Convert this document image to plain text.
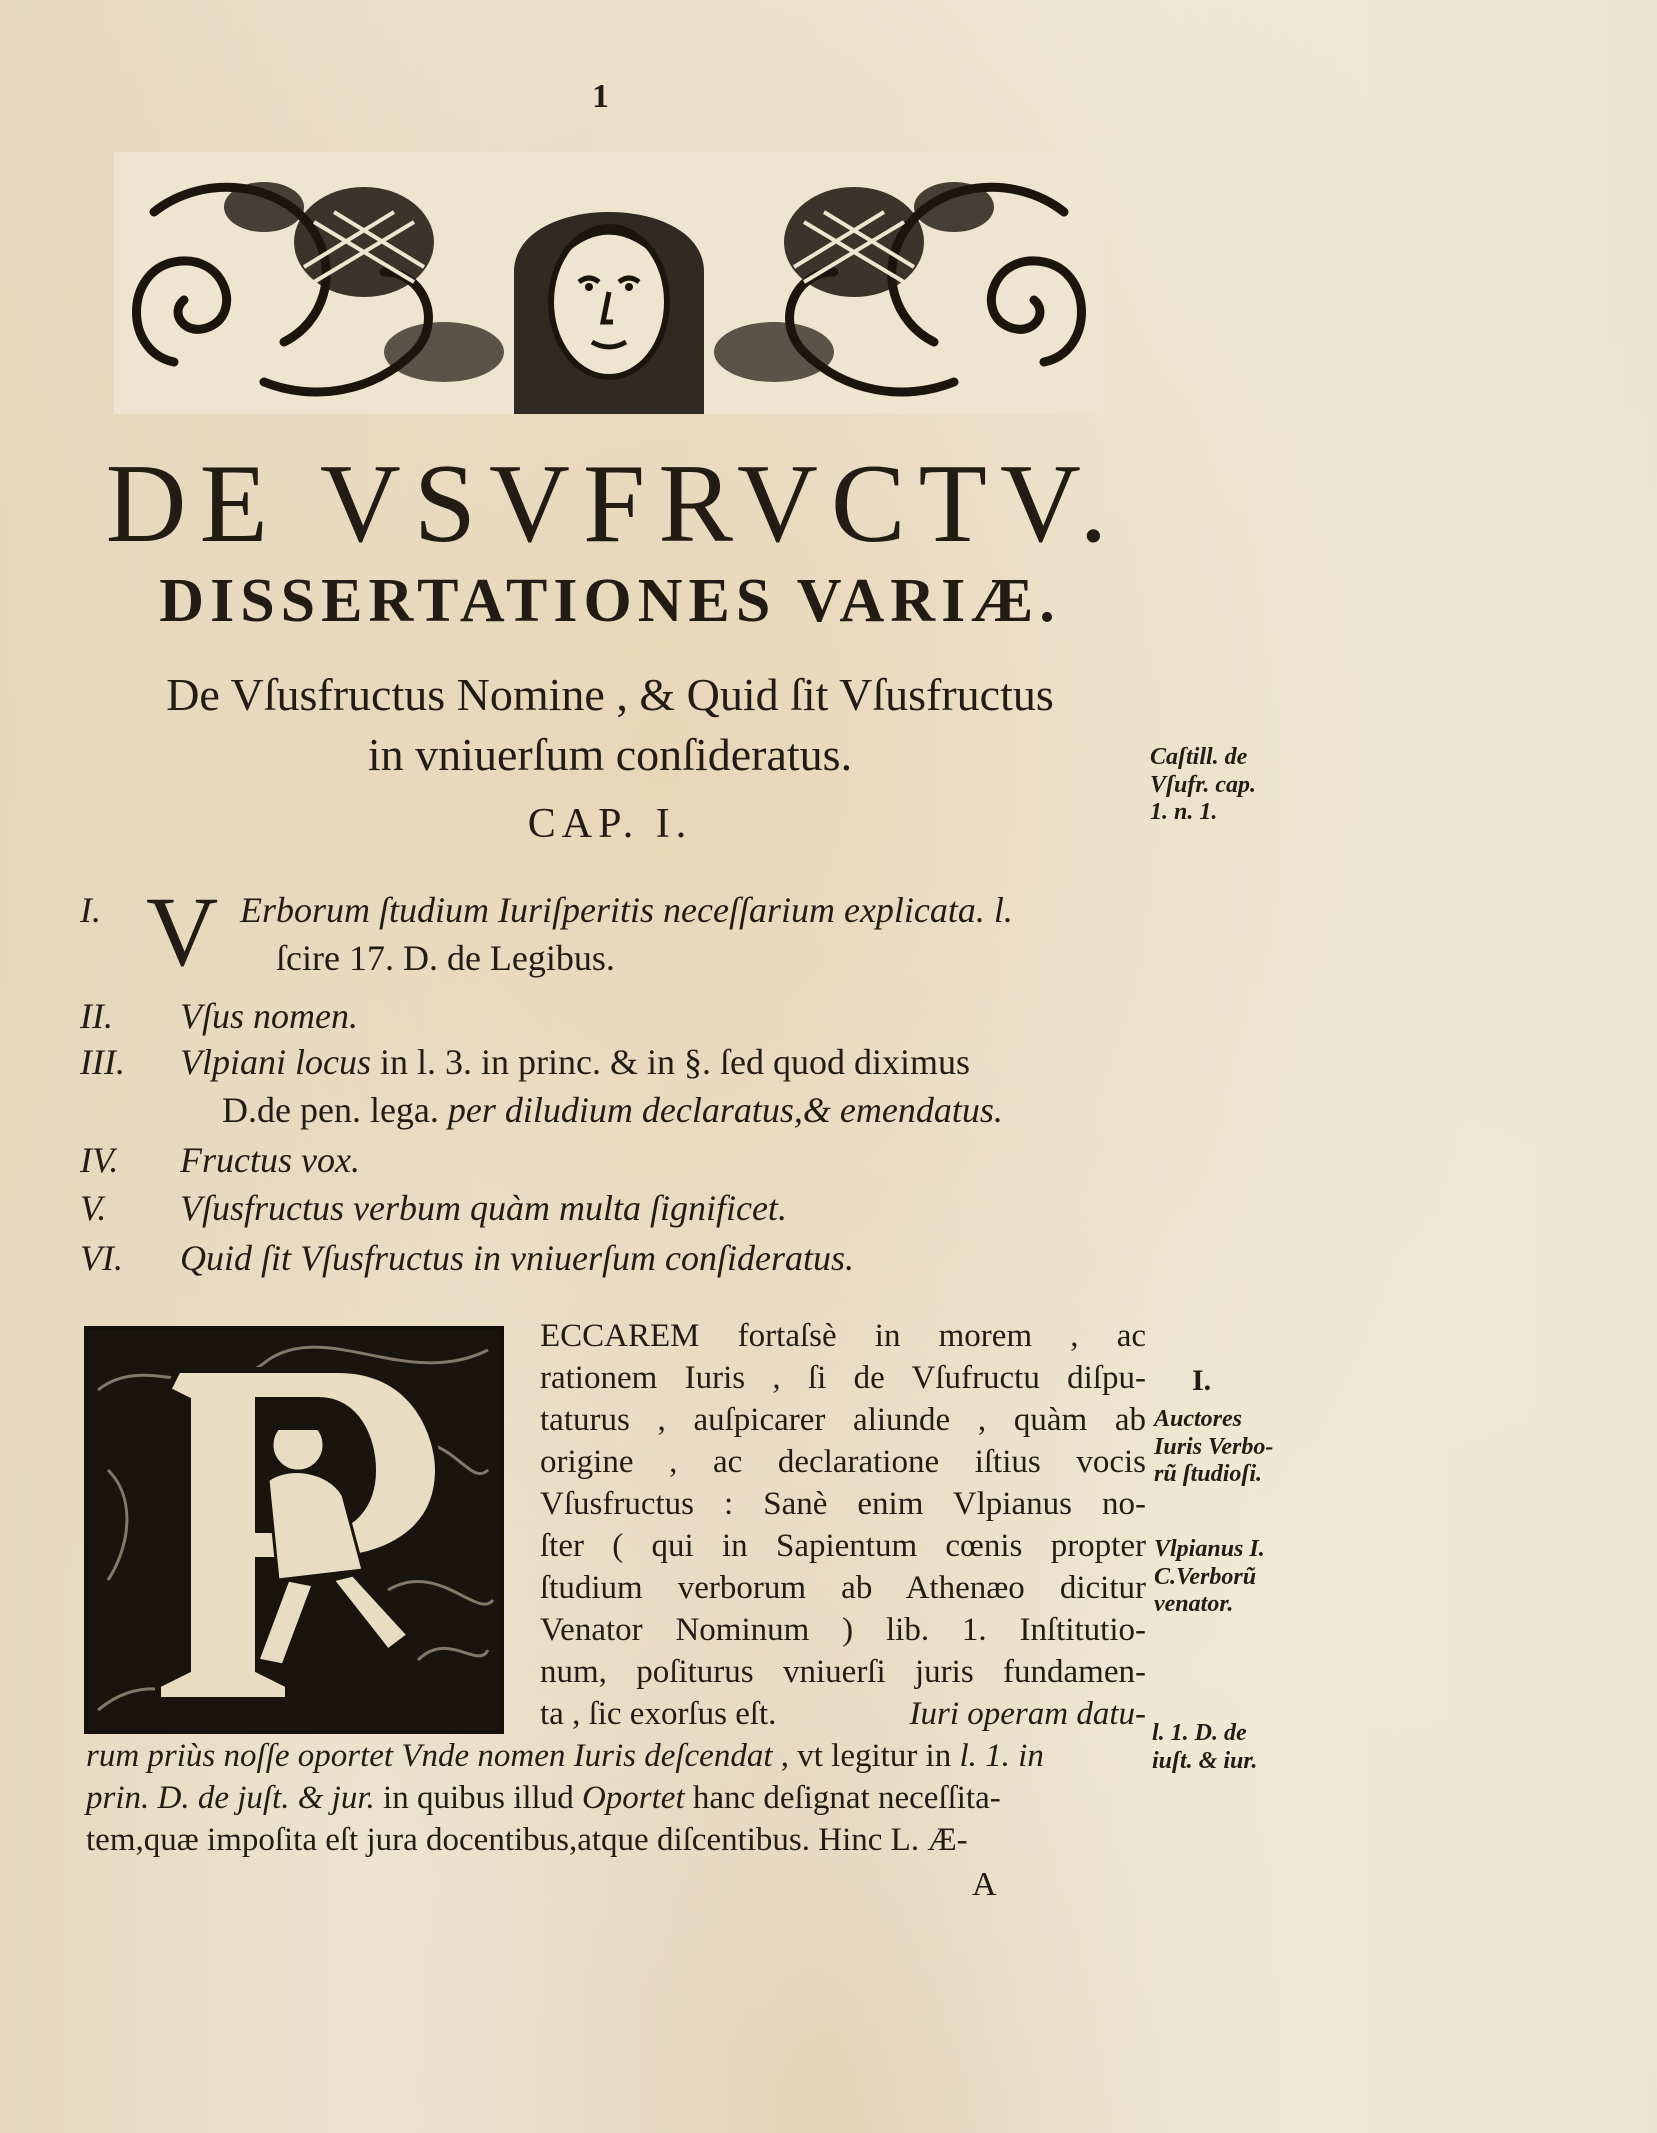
1
DE VSVFRVCTV.
DISSERTATIONES VARIÆ.
De Vſusfructus Nomine , & Quid ſit Vſusfructus
in vniuerſum conſideratus.
CAP. I.
I. V Erborum ſtudium Iuriſperitis neceſſarium explicata. l.
ſcire 17. D. de Legibus.
II. Vſus nomen.
III. Vlpiani locus in l. 3. in princ. & in §. ſed quod diximus
D.de pen. lega. per diludium declaratus,& emendatus.
IV. Fructus vox.
V. Vſusfructus verbum quàm multa ſignificet.
VI. Quid ſit Vſusfructus in vniuerſum conſideratus.
ECCAREM fortaſsè in morem , ac
rationem Iuris , ſi de Vſufructu diſpu-
taturus , auſpicarer aliunde , quàm ab
origine , ac declaratione iſtius vocis
Vſusfructus : Sanè enim Vlpianus no-
ſter ( qui in Sapientum cœnis propter
ſtudium verborum ab Athenæo dicitur
Venator Nominum ) lib. 1. Inſtitutio-
num, poſiturus vniuerſi juris fundamen-
ta , ſic exorſus eſt.	Iuri operam datu-
rum priùs noſſe oportet Vnde nomen Iuris deſcendat , vt legitur in l. 1. in
prin. D. de juſt. & jur. in quibus illud Oportet hanc deſignat neceſſita-
tem,quæ impoſita eſt jura docentibus,atque diſcentibus. Hinc L. Æ-
A
Caſtill. de
Vſufr. cap.
1. n. 1.
I.
Auctores
Iuris Verbo-
rũ ſtudioſi.
Vlpianus I.
C.Verborũ
venator.
l. 1. D. de
iuſt. & iur.
